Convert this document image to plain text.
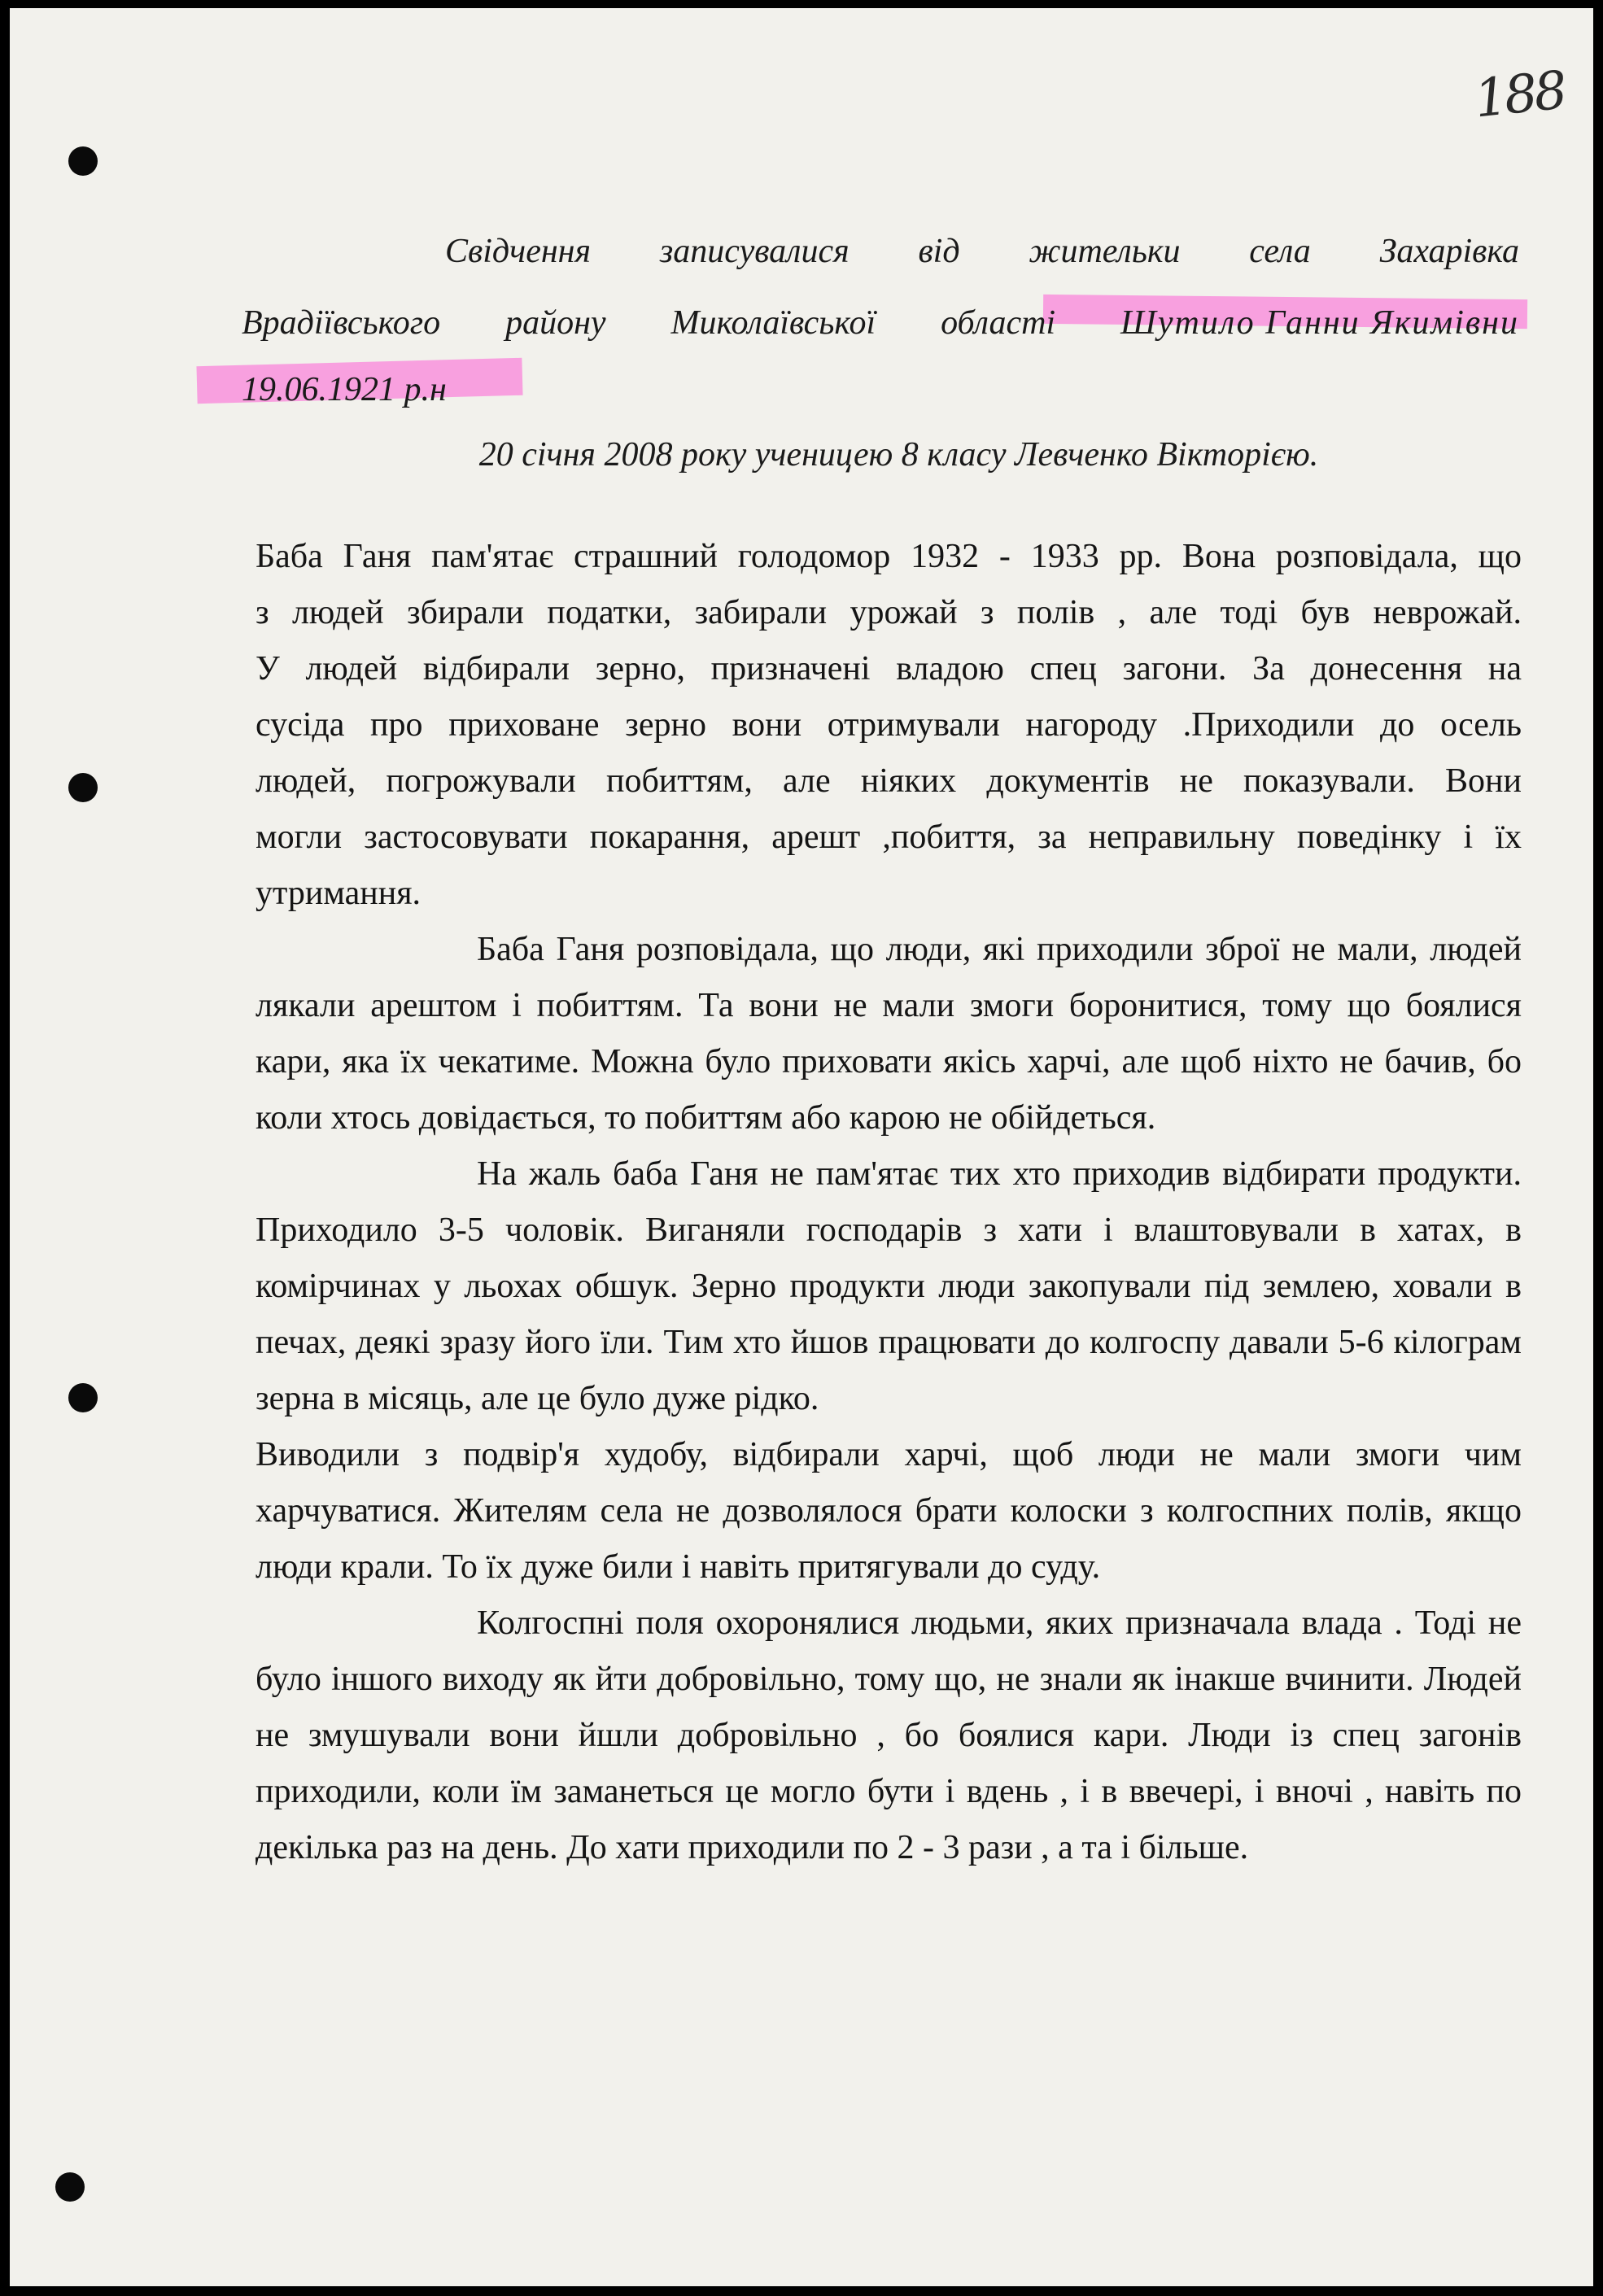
188
Свідчення записувалися від жительки села Захарівка
Врадіївського району Миколаївської області Шутило Ганни Якимівни
19.06.1921 р.н
20 січня 2008 року ученицею 8 класу Левченко Вікторією.

Баба Ганя пам'ятає страшний голодомор 1932 - 1933 рр. Вона розповідала, що з людей збирали податки, забирали урожай з полів , але тоді був неврожай. У людей відбирали зерно, призначені владою спец загони. За донесення на сусіда про приховане зерно вони отримували нагороду .Приходили до осель людей, погрожували побиттям, але ніяких документів не показували. Вони могли застосовувати покарання, арешт ,побиття, за неправильну поведінку і їх утримання.

Баба Ганя розповідала, що люди, які приходили зброї не мали, людей лякали арештом і побиттям. Та вони не мали змоги боронитися, тому що боялися кари, яка їх чекатиме. Можна було приховати якісь харчі, але щоб ніхто не бачив, бо коли хтось довідається, то побиттям або карою не обійдеться.

На жаль баба Ганя не пам'ятає тих хто приходив відбирати продукти. Приходило 3-5 чоловік. Виганяли господарів з хати і влаштовували в хатах, в комірчинах у льохах обшук. Зерно продукти люди закопували під землею, ховали в печах, деякі зразу його їли. Тим хто йшов працювати до колгоспу давали 5-6 кілограм зерна в місяць, але це було дуже рідко.

Виводили з подвір'я худобу, відбирали харчі, щоб люди не мали змоги чим харчуватися. Жителям села не дозволялося брати колоски з колгоспних полів, якщо люди крали. То їх дуже били і навіть притягували до суду.

Колгоспні поля охоронялися людьми, яких призначала влада . Тоді не було іншого виходу як йти добровільно, тому що, не знали як інакше вчинити. Людей не змушували вони йшли добровільно , бо боялися кари. Люди із спец загонів приходили, коли їм заманеться це могло бути і вдень , і в ввечері, і вночі , навіть по декілька раз на день. До хати приходили по 2 - 3 рази , а та і більше.
